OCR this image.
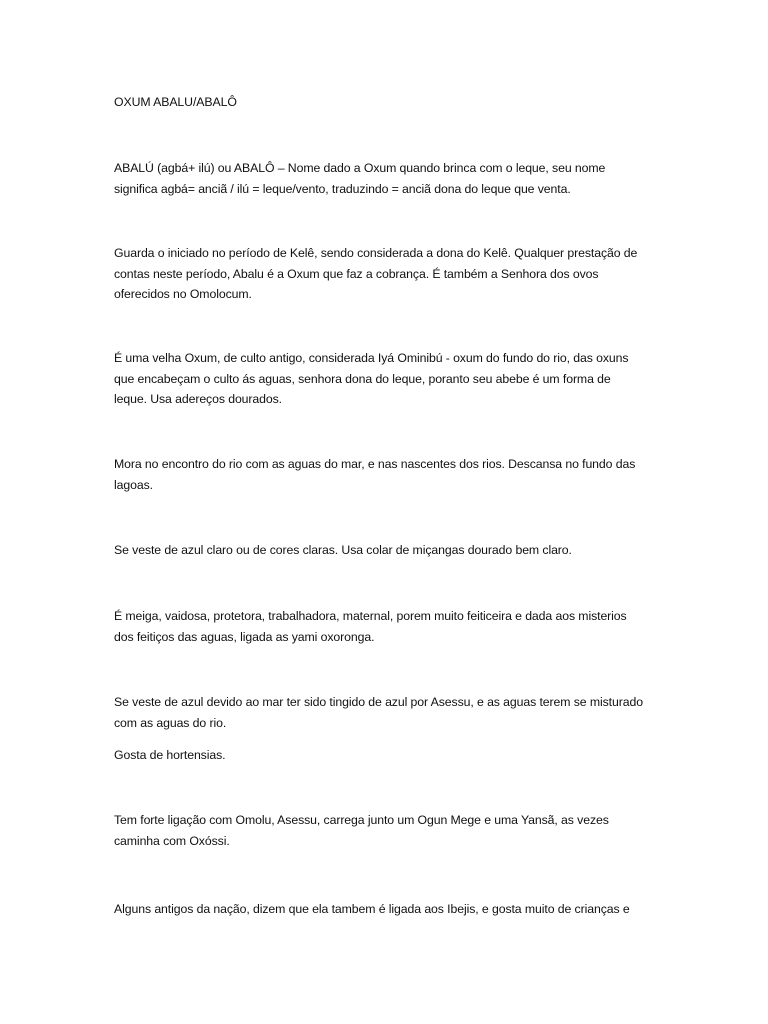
OXUM ABALU/ABALÔ

ABALÚ (agbá+ ilú) ou ABALÔ – Nome dado a Oxum quando brinca com o leque, seu nome significa agbá= anciã / ilú = leque/vento, traduzindo = anciã dona do leque que venta.

Guarda o iniciado no período de Kelê, sendo considerada a dona do Kelê. Qualquer prestação de contas neste período, Abalu é a Oxum que faz a cobrança. É também a Senhora dos ovos oferecidos no Omolocum.

É uma velha Oxum, de culto antigo, considerada Iyá Ominibú - oxum do fundo do rio, das oxuns que encabeçam o culto ás aguas, senhora dona do leque, poranto seu abebe é um forma de leque. Usa adereços dourados.

Mora no encontro do rio com as aguas do mar, e nas nascentes dos rios. Descansa no fundo das lagoas.

Se veste de azul claro ou de cores claras. Usa colar de miçangas dourado bem claro.

É meiga, vaidosa, protetora, trabalhadora, maternal, porem muito feiticeira e dada aos misterios dos feitiços das aguas, ligada as yami oxoronga.

Se veste de azul devido ao mar ter sido tingido de azul por Asessu, e as aguas terem se misturado com as aguas do rio.

Gosta de hortensias.

Tem forte ligação com Omolu, Asessu, carrega junto um Ogun Mege e uma Yansã, as vezes caminha com Oxóssi.

Alguns antigos da nação, dizem que ela tambem é ligada aos Ibejis, e gosta muito de crianças e
